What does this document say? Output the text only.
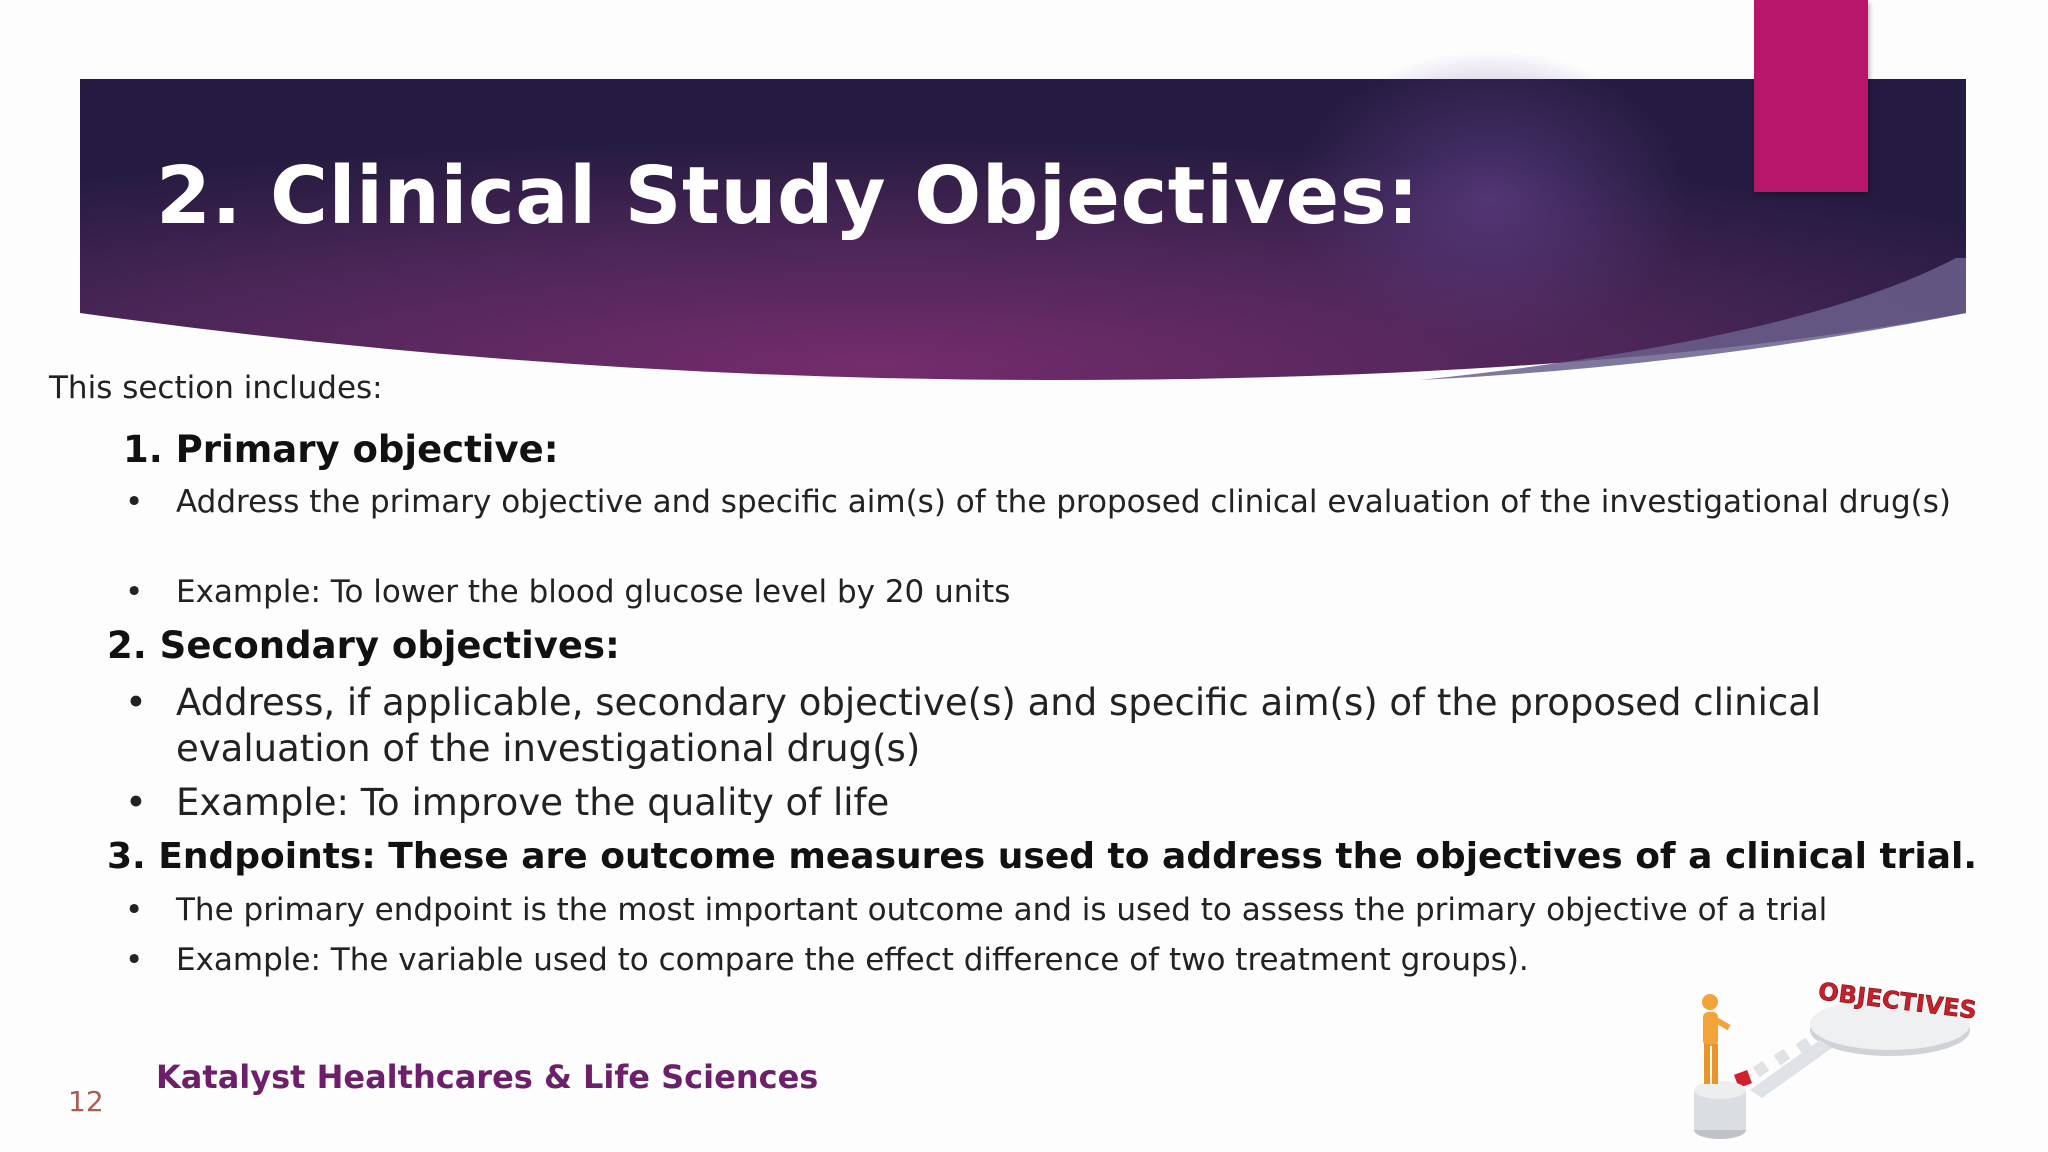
2. Clinical Study Objectives:
This section includes:
1. Primary objective:
•	Address the primary objective and specific aim(s) of the proposed clinical evaluation of the investigational drug(s)
•	Example: To lower the blood glucose level by 20 units
2. Secondary objectives:
• Address, if applicable, secondary objective(s) and specific aim(s) of the proposed clinical evaluation of the investigational drug(s)
• Example: To improve the quality of life
3. Endpoints: These are outcome measures used to address the objectives of a clinical trial.
•	The primary endpoint is the most important outcome and is used to assess the primary objective of a trial
•	Example: The variable used to compare the effect difference of two treatment groups).
OBJECTIVES
Katalyst Healthcares & Life Sciences
12
